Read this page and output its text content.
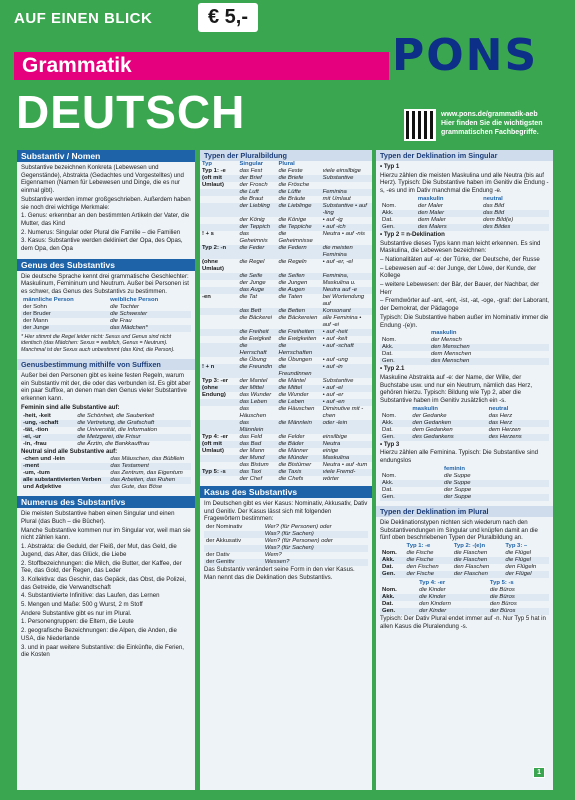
AUF EINEN BLICK	€ 5,-
Grammatik
DEUTSCH
PONS
www.pons.de/grammatik-aeb
Hier finden Sie die wichtigsten grammatischen Fachbegriffe.
Substantiv / Nomen

Substantive bezeichnen Konkreta (Lebewesen und Gegenstände), Abstrakta (Gedachtes und Vorgestelltes) und Eigennamen (Namen für Lebewesen und Dinge, die es nur einmal gibt).

Substantive werden immer großgeschrieben. Außerdem haben sie noch drei wichtige Merkmale:

1. Genus: erkennbar an den bestimmten Artikeln der Vater, die Mutter, das Kind

2. Numerus: Singular oder Plural die Familie – die Familien

3. Kasus: Substantive werden dekliniert der Opa, des Opas, dem Opa, den Opa

Genus des Substantivs

Die deutsche Sprache kennt drei grammatische Geschlechter: Maskulinum, Femininum und Neutrum. Außer bei Personen ist es schwer, das Genus des Substantivs zu bestimmen.

männliche Person	weibliche Person
der Sohn	die Tochter
der Bruder	die Schwester
der Mann	die Frau
der Junge	das Mädchen*

* Hier stimmt die Regel leider nicht: Sexus und Genus sind nicht identisch (das Mädchen: Sexus = weiblich, Genus = Neutrum). Manchmal ist der Sexus auch unbestimmt (das Kind, die Person).

Genusbestimmung mithilfe von Suffixen

Außer bei den Personen gibt es keine festen Regeln, warum ein Substantiv mit der, die oder das verbunden ist. Es gibt aber ein paar Suffixe, an denen man den Genus vieler Substantive erkennen kann.

Feminin sind alle Substantive auf:

-heit, -keit	die Schönheit, die Sauberkeit
-ung, -schaft	die Vertretung, die Grafschaft
-tät, -tion	die Universität, die Information
-ei, -ur	die Metzgerei, die Frisur
-in, -frau	die Ärztin, die Bankkauffrau

Neutral sind alle Substantive auf:

-chen und -lein	das Mäuschen, das Bübllein
-ment	das Testament
-um, -tum	das Zentrum, das Eigentum
alle substantivierten Verben	das Arbeiten, das Ruhen
und Adjektive	das Gute, das Böse
Numerus des Substantivs

Die meisten Substantive haben einen Singular und einen Plural (das Buch – die Bücher).

Manche Substantive kommen nur im Singular vor, weil man sie nicht zählen kann.

1. Abstrakta: die Geduld, der Fleiß, der Mut, das Geld, die Jugend, das Alter, das Glück, die Liebe

2. Stoffbezeichnungen: die Milch, die Butter, der Kaffee, der Tee, das Gold, der Regen, das Leder

3. Kollektiva: das Geschir, das Gepäck, das Obst, die Polizei, das Getreide, die Verwandtschaft

4. Substantivierte Infinitive: das Laufen, das Lernen

5. Mengen und Maße: 500 g Wurst, 2 m Stoff

Andere Substantive gibt es nur im Plural.

1. Personengruppen: die Eltern, die Leute

2. geografische Bezeichnungen: die Alpen, die Anden, die USA, die Niederlande

3. und in paar weitere Substantive: die Einkünfte, die Ferien, die Kosten

Typen der Pluralbildung
Typ	Singular	Plural	
Typ 1: -e	das Fest	die Feste	viele einsilbige
(oft mit	der Brief	die Briefe	Substantive
Umlaut)	der Frosch	die Frösche	
	die Luft	die Lüfte	Feminina
	die Braut	die Bräute	mit Umlaut
	der Liebling	die Lieblinge	Substantive • auf -ling
	der König	die Könige	• auf -ig
	der Teppich	die Teppiche	• auf -ich
! + s	das Geheimnis	die Geheimnisse	Neutra • auf -nis
Typ 2: -n	die Feder	die Federn	die meisten Feminina
(ohne Umlaut)	die Regel	die Regeln	• auf -er, -el
	die Seife	die Seifen	Feminina,
	der Junge	die Jungen	Maskulina u.
	das Auge	die Augen	Neutra auf -e
-en	die Tat	die Taten	bei Wortendung auf
	das Bett	die Betten	Konsonant
	die Bäckerei	die Bäckereien	alle Feminina • auf -ei
	die Freiheit	die Freiheiten	• auf -heit
	die Ewigkeit	die Ewigkeiten	• auf -keit
	die Herrschaft	die Herrschaften	• auf -schaft
	die Übung	die Übungen	• auf -ung
! + n	die Freundin	die Freundinnen	• auf -in
Typ 3: -er	der Mantel	die Mäntel	Substantive
(ohne	der Mittel	die Mittel	• auf -el
Endung)	das Wunder	die Wunder	• auf -er
	das Leben	die Leben	• auf -en
	das Häuschen	die Häuschen	Diminutive mit -chen
	das Männlein	die Männlein	oder -lein
Typ 4: -er	das Feld	die Felder	einsilbige
(oft mit	das Bad	die Bäder	Neutra
Umlaut)	der Mann	die Männer	einige
	der Mund	die Münder	Maskulina
	das Bistum	die Bistümer	Neutra • auf -tum
Typ 5: -s	das Taxi	die Taxis	viele Fremd-
	der Chef	die Chefs	wörter
Kasus des Substantivs

Im Deutschen gibt es vier Kasus: Nominativ, Akkusativ, Dativ und Genitiv. Der Kasus lässt sich mit folgenden Fragewörtern bestimmen:

der Nominativ	Wer? (für Personen) oder
	Was? (für Sachen)
der Akkusativ	Wen? (für Personen) oder
	Was? (für Sachen)
der Dativ	Wem?
der Genitiv	Wessen?

Das Substantiv verändert seine Form in den vier Kasus. Man nennt das die Deklination des Substantivs.

Typen der Deklination im Singular

• Typ 1

Hierzu zählen die meisten Maskulina und alle Neutra (bis auf Herz). Typisch: Die Substantive haben im Genitiv die Endung -s, -es und im Dativ manchmal die Endung -e.

	maskulin	neutral
Nom.	der Maler	das Bild
Akk.	den Maler	das Bild
Dat.	dem Maler	dem Bild(e)
Gen.	des Malers	des Bildes

• Typ 2 = n-Deklination

Substantive dieses Typs kann man leicht erkennen. Es sind Maskulina, die Lebewesen bezeichnen:

– Nationalitäten auf -e: der Türke, der Deutsche, der Russe

– Lebewesen auf -e: der Junge, der Löwe, der Kunde, der Kollege

– weitere Lebewesen: der Bär, der Bauer, der Nachbar, der Herr

– Fremdwörter auf -ant, -ent, -ist, -at, -oge, -graf: der Laborant, der Demokrat, der Pädagoge

Typisch: Die Substantive haben außer im Nominativ immer die Endung -(e)n.

	maskulin
Nom.	der Mensch
Akk.	den Menschen
Dat.	dem Menschen
Gen.	des Menschen

• Typ 2.1

Maskuline Abstrakta auf -e: der Name, der Wille, der Buchstabe usw. und nur ein Neutrum, nämlich das Herz, gehören hierzu. Typisch: Bildung wie Typ 2, aber die Substantive haben im Genitiv zusätzlich ein -s.

	maskulin	neutral
Nom.	der Gedanke	das Herz
Akk.	den Gedanken	das Herz
Dat.	dem Gedanken	dem Herzen
Gen.	des Gedankens	des Herzens

• Typ 3

Hierzu zählen alle Feminina. Typisch: Die Substantive sind endungslos

	feminin
Nom.	die Suppe
Akk.	die Suppe
Dat.	der Suppe
Gen.	der Suppe
Typen der Deklination im Plural

Die Deklinationstypen nichten sich wiederum nach den Substantivendungen im Singular und knüpfen damit an die fünf oben beschriebenen Typen der Pluralbildung an.

	Typ 1: -e	Typ 2: -(e)n	Typ 3: –
Nom.	die Fische	die Flaschen	die Flügel
Akk.	die Fische	die Flaschen	die Flügel
Dat.	den Fischen	den Flaschen	den Flügeln
Gen.	der Fische	der Flaschen	der Flügel
	Typ 4: -er	Typ 5: -s
Nom.	die Kinder	die Büros
Akk.	die Kinder	die Büros
Dat.	den Kindern	den Büros
Gen.	der Kinder	der Büros

Typisch: Der Dativ Plural endet immer auf -n. Nur Typ 5 hat in allen Kasus die Pluralendung -s.

1
